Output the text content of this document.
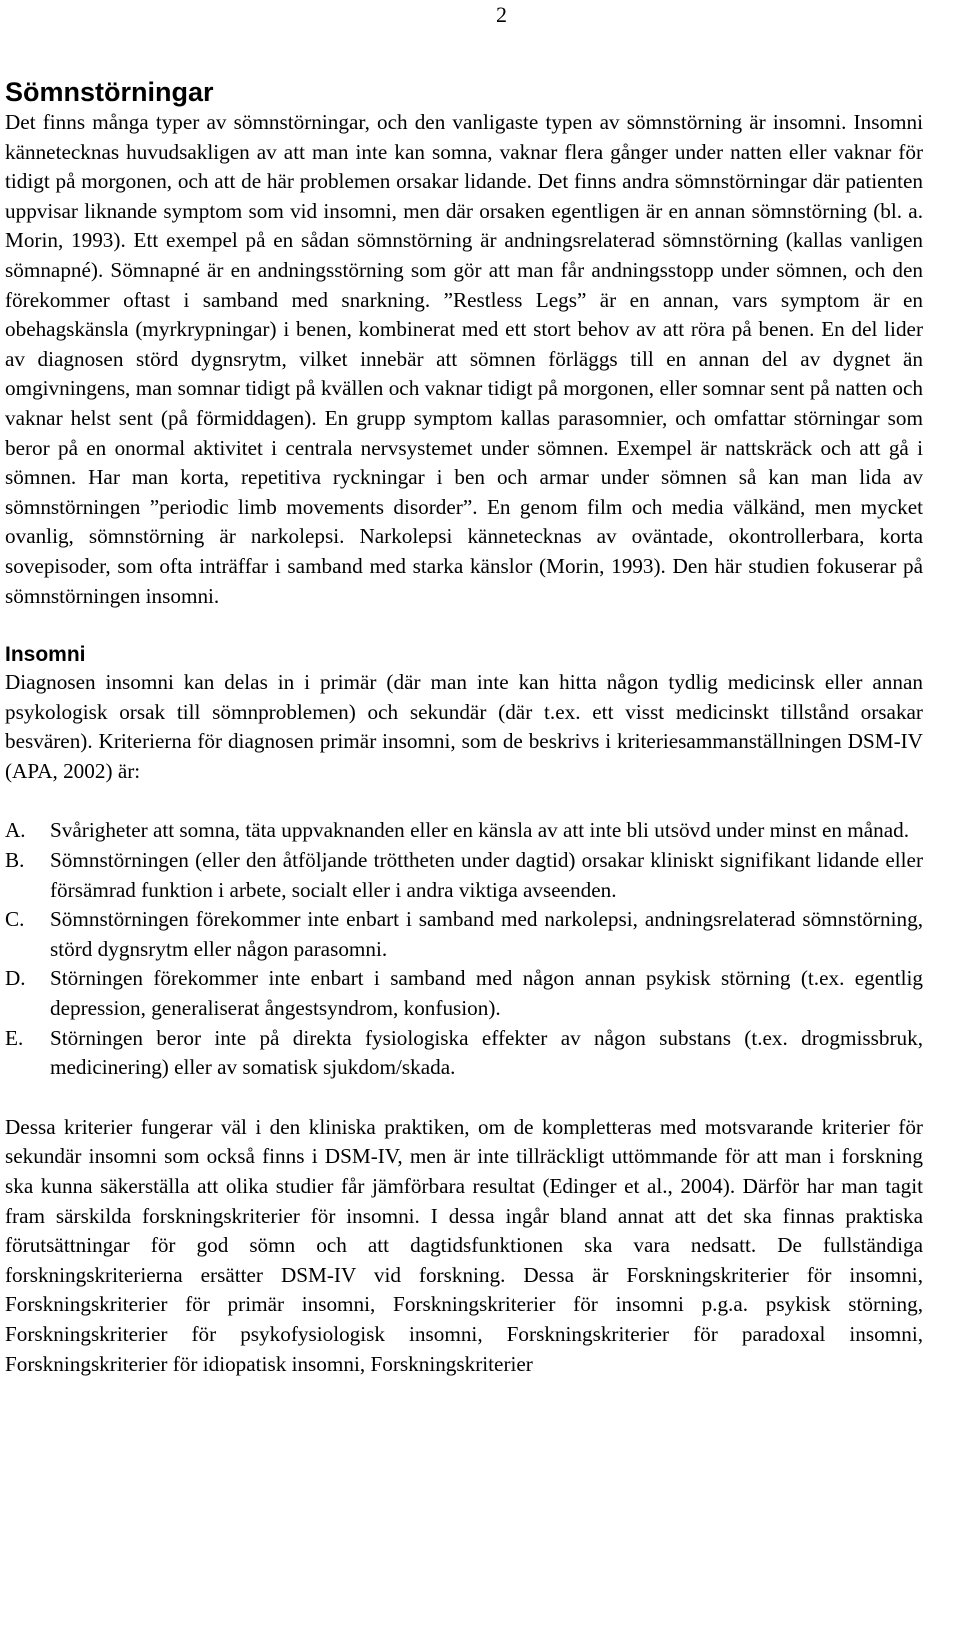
2
Sömnstörningar

Det finns många typer av sömnstörningar, och den vanligaste typen av sömnstörning är insomni. Insomni kännetecknas huvudsakligen av att man inte kan somna, vaknar flera gånger under natten eller vaknar för tidigt på morgonen, och att de här problemen orsakar lidande. Det finns andra sömnstörningar där patienten uppvisar liknande symptom som vid insomni, men där orsaken egentligen är en annan sömnstörning (bl. a. Morin, 1993). Ett exempel på en sådan sömnstörning är andningsrelaterad sömnstörning (kallas vanligen sömnapné). Sömnapné är en andningsstörning som gör att man får andningsstopp under sömnen, och den förekommer oftast i samband med snarkning. ”Restless Legs” är en annan, vars symptom är en obehagskänsla (myrkrypningar) i benen, kombinerat med ett stort behov av att röra på benen. En del lider av diagnosen störd dygnsrytm, vilket innebär att sömnen förläggs till en annan del av dygnet än omgivningens, man somnar tidigt på kvällen och vaknar tidigt på morgonen, eller somnar sent på natten och vaknar helst sent (på förmiddagen). En grupp symptom kallas parasomnier, och omfattar störningar som beror på en onormal aktivitet i centrala nervsystemet under sömnen. Exempel är nattskräck och att gå i sömnen. Har man korta, repetitiva ryckningar i ben och armar under sömnen så kan man lida av sömnstörningen ”periodic limb movements disorder”. En genom film och media välkänd, men mycket ovanlig, sömnstörning är narkolepsi. Narkolepsi kännetecknas av oväntade, okontrollerbara, korta sovepisoder, som ofta inträffar i samband med starka känslor (Morin, 1993). Den här studien fokuserar på sömnstörningen insomni.

Insomni

Diagnosen insomni kan delas in i primär (där man inte kan hitta någon tydlig medicinsk eller annan psykologisk orsak till sömnproblemen) och sekundär (där t.ex. ett visst medicinskt tillstånd orsakar besvären). Kriterierna för diagnosen primär insomni, som de beskrivs i kriteriesammanställningen DSM-IV (APA, 2002) är:

A. Svårigheter att somna, täta uppvaknanden eller en känsla av att inte bli utsövd under minst en månad.
B. Sömnstörningen (eller den åtföljande tröttheten under dagtid) orsakar kliniskt signifikant lidande eller försämrad funktion i arbete, socialt eller i andra viktiga avseenden.
C. Sömnstörningen förekommer inte enbart i samband med narkolepsi, andningsrelaterad sömnstörning, störd dygnsrytm eller någon parasomni.
D. Störningen förekommer inte enbart i samband med någon annan psykisk störning (t.ex. egentlig depression, generaliserat ångestsyndrom, konfusion).
E. Störningen beror inte på direkta fysiologiska effekter av någon substans (t.ex. drogmissbruk, medicinering) eller av somatisk sjukdom/skada.

Dessa kriterier fungerar väl i den kliniska praktiken, om de kompletteras med motsvarande kriterier för sekundär insomni som också finns i DSM-IV, men är inte tillräckligt uttömmande för att man i forskning ska kunna säkerställa att olika studier får jämförbara resultat (Edinger et al., 2004). Därför har man tagit fram särskilda forskningskriterier för insomni. I dessa ingår bland annat att det ska finnas praktiska förutsättningar för god sömn och att dagtidsfunktionen ska vara nedsatt. De fullständiga forskningskriterierna ersätter DSM-IV vid forskning. Dessa är Forskningskriterier för insomni, Forskningskriterier för primär insomni, Forskningskriterier för insomni p.g.a. psykisk störning, Forskningskriterier för psykofysiologisk insomni, Forskningskriterier för paradoxal insomni, Forskningskriterier för idiopatisk insomni, Forskningskriterier
